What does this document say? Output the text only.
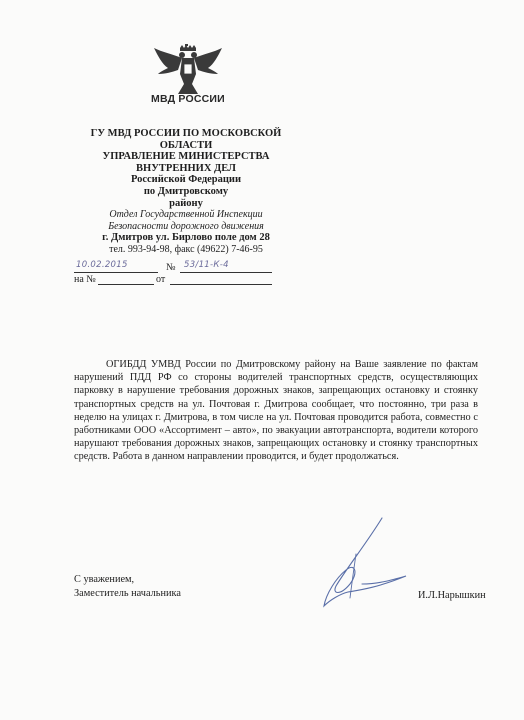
МВД РОССИИ
ГУ МВД РОССИИ ПО МОСКОВСКОЙ
ОБЛАСТИ
УПРАВЛЕНИЕ МИНИСТЕРСТВА
ВНУТРЕННИХ ДЕЛ
Российской Федерации
по Дмитровскому
району
Отдел Государственной Инспекции
Безопасности дорожного движения
г. Дмитров ул. Бирлово поле дом 28
тел. 993-94-98, факс (49622) 7-46-95
10.02.2015	№ 53/11-К-4
на №	от

ОГИБДД УМВД России по Дмитровскому району на Ваше заявление по фактам нарушений ПДД РФ со стороны водителей транспортных средств, осуществляющих парковку в нарушение требования дорожных знаков, запрещающих остановку и стоянку транспортных средств на ул. Почтовая г. Дмитрова сообщает, что постоянно, три раза в неделю на улицах г. Дмитрова, в том числе на ул. Почтовая проводится работа, совместно с работниками ООО «Ассортимент – авто», по эвакуации автотранспорта, водители которого нарушают требования дорожных знаков, запрещающих остановку и стоянку транспортных средств. Работа в данном направлении проводится, и будет продолжаться.

С уважением,
Заместитель начальника	И.Л.Нарышкин
